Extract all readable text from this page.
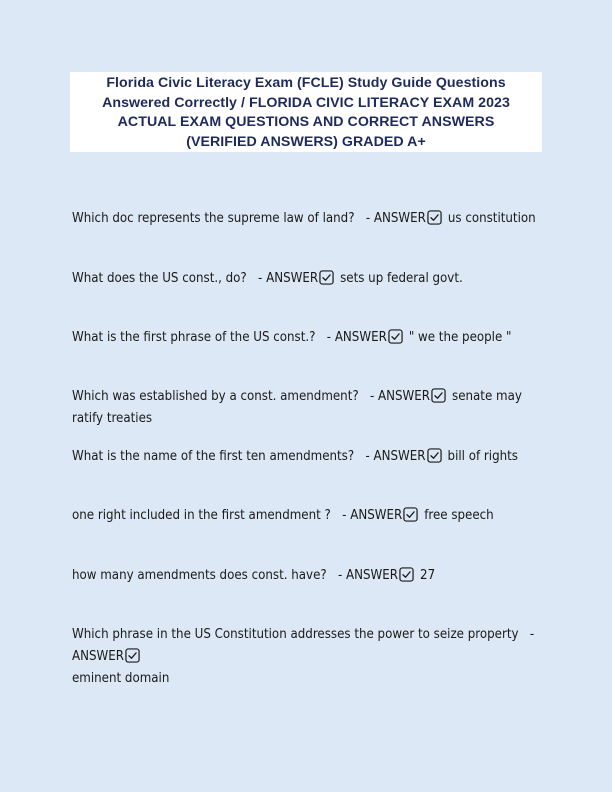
Florida Civic Literacy Exam (FCLE) Study Guide Questions
Answered Correctly / FLORIDA CIVIC LITERACY EXAM 2023
ACTUAL EXAM QUESTIONS AND CORRECT ANSWERS
(VERIFIED ANSWERS) GRADED A+
Which doc represents the supreme law of land? - ANSWER us constitution
What does the US const., do? - ANSWER sets up federal govt.
What is the first phrase of the US const.? - ANSWER " we the people "
Which was established by a const. amendment? - ANSWER senate may ratify treaties
What is the name of the first ten amendments? - ANSWER bill of rights
one right included in the first amendment ? - ANSWER free speech
how many amendments does const. have? - ANSWER 27
Which phrase in the US Constitution addresses the power to seize property - ANSWER

eminent domain
